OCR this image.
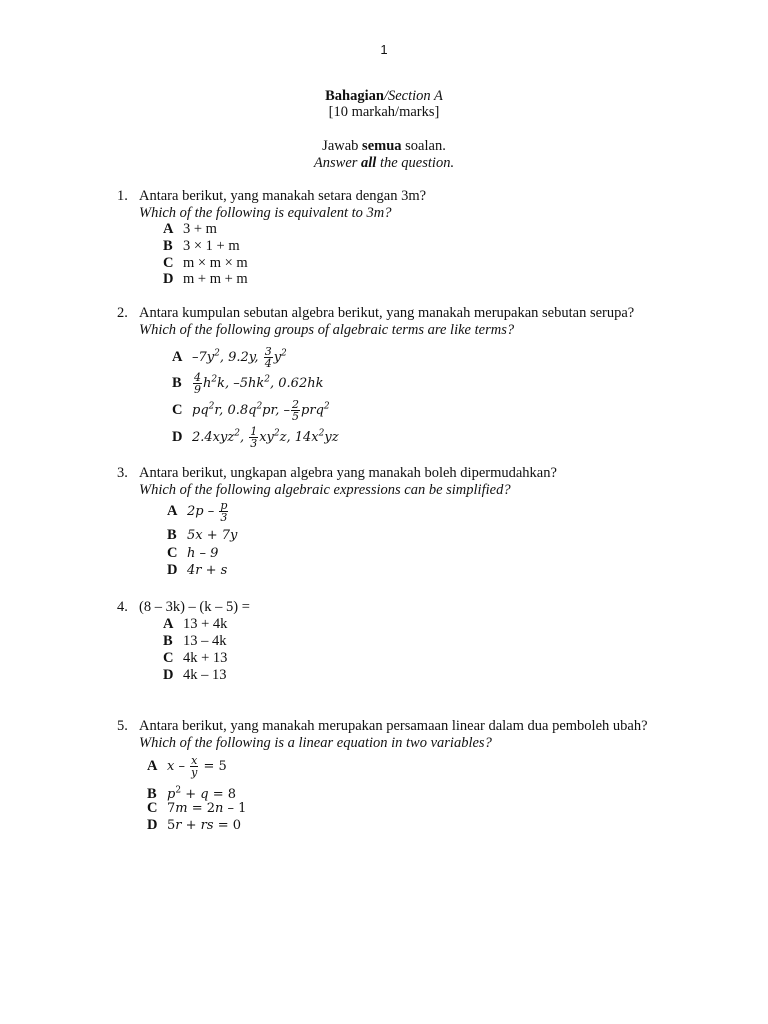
1
Bahagian/Section A
[10 markah/marks]
Jawab semua soalan.
Answer all the question.
1. Antara berikut, yang manakah setara dengan 3m?
Which of the following is equivalent to 3m?
A 3 + m
B 3 × 1 + m
C m × m × m
D m + m + m
2. Antara kumpulan sebutan algebra berikut, yang manakah merupakan sebutan serupa?
Which of the following groups of algebraic terms are like terms?
A $-7y^2$, 9.2y, $\frac{3}{4} y^2$
B $\frac{4}{9} h^2k$, $-5hk^2$, 0.62hk
C $pq^2r$, $0.8q^2pr$, – $\frac{2}{5} prq^2$
D 2.4xyz$^2$, $\frac{1}{3} xy^2z$, $14x^2yz$
3. Antara berikut, ungkapan algebra yang manakah boleh dipermudahkan?
Which of the following algebraic expressions can be simplified?
A $2p - \frac{p}{3}$
B 5x + 7y
C h – 9
D 4r + s
4. (8 – 3k) – (k – 5) =
A 13 + 4k
B 13 – 4k
C 4k + 13
D 4k – 13
5. Antara berikut, yang manakah merupakan persamaan linear dalam dua pemboleh ubah?
Which of the following is a linear equation in two variables?
A $x - \frac{x}{y} = 5$
B $p^2 + q = 8$
C 7m = 2n – 1
D 5r + rs = 0
